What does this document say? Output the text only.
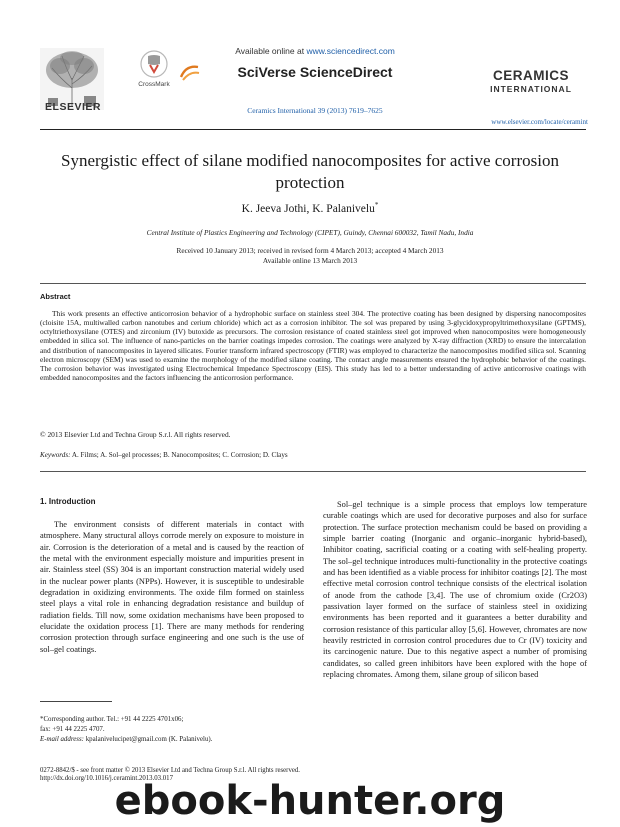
ELSEVIER
CrossMark
Available online at www.sciencedirect.com
SciVerse ScienceDirect
Ceramics International 39 (2013) 7619–7625
CERAMICS
INTERNATIONAL
www.elsevier.com/locate/ceramint
Synergistic effect of silane modified nanocomposites for active corrosion protection
K. Jeeva Jothi, K. Palanivelu*
Central Institute of Plastics Engineering and Technology (CIPET), Guindy, Chennai 600032, Tamil Nadu, India
Received 10 January 2013; received in revised form 4 March 2013; accepted 4 March 2013
Available online 13 March 2013
Abstract

This work presents an effective anticorrosion behavior of a hydrophobic surface on stainless steel 304. The protective coating has been designed by dispersing nanocomposites (cloisite 15A, multiwalled carbon nanotubes and cerium chloride) which act as a corrosion inhibitor. The sol was prepared by using 3-glycidoxypropyltrimethoxysilane (GPTMS), octyltriethoxysilane (OTES) and zirconium (IV) butoxide as precursors. The corrosion resistance of coated stainless steel got improved when nanocomposites were homogeneously embedded in silica sol. The influence of nano-particles on the barrier coatings impedes corrosion. The coatings were analyzed by X-ray diffraction (XRD) to ensure the intercalation and distribution of nanocomposites in layered silicates. Fourier transform infrared spectroscopy (FTIR) was employed to characterize the nanocomposites modified silica sol. Scanning electron microscopy (SEM) was used to examine the morphology of the modified silane coating. The contact angle measurements ensured the hydrophobic behavior of the coatings. The corrosion behavior was investigated using Electrochemical Impedance Spectroscopy (EIS). This study has led to a better understanding of active anticorrosive coatings with embedded nanocomposites and the factors influencing the anticorrosion performance.

© 2013 Elsevier Ltd and Techna Group S.r.l. All rights reserved.
Keywords: A. Films; A. Sol–gel processes; B. Nanocomposites; C. Corrosion; D. Clays
1. Introduction

The environment consists of different materials in contact with atmosphere. Many structural alloys corrode merely on exposure to moisture in air. Corrosion is the deterioration of a metal and is caused by the reaction of the metal with the environment especially moisture and impurities present in air. Stainless steel (SS) 304 is an important construction material widely used in the nuclear power plants (NPPs). However, it is susceptible to undesirable degradation in oxidizing environments. The oxide film formed on stainless steel plays a vital role in enhancing degradation resistance and buildup of radiation fields. Till now, some oxidation mechanisms have been proposed to elucidate the oxidation process [1]. There are many methods for rendering corrosion protection through surface engineering and one such is the use of sol–gel coatings.

Sol–gel technique is a simple process that employs low temperature curable coatings which are used for decorative purposes and also for surface protection. The surface protection mechanism could be based on providing a simple barrier coating (Inorganic and organic–inorganic hybrid-based), Inhibitor coating, sacrificial coating or a coating with self-healing property. The sol–gel technique introduces multi-functionality in the protective coatings and has been identified as a viable process for inhibitor coatings [2]. The most effective metal corrosion control technique consists of the electrical isolation of anode from the cathode [3,4]. The use of chromium oxide (Cr2O3) passivation layer formed on the surface of stainless steel in oxidizing environments has been reported and it guarantees a better durability and corrosion resistance of this particular alloy [5,6]. However, chromates are now heavily restricted in corrosion control procedures due to Cr (IV) toxicity and its carcinogenic nature. Due to this negative aspect a number of promising candidates, so called green inhibitors have been explored with the hope of replacing chromates. Among them, silane group of silicon based

*Corresponding author. Tel.: +91 44 2225 4701x06;
fax: +91 44 2225 4707.
E-mail address: kpalanivelucipet@gmail.com (K. Palanivelu).
0272-8842/$ - see front matter © 2013 Elsevier Ltd and Techna Group S.r.l. All rights reserved.
http://dx.doi.org/10.1016/j.ceramint.2013.03.017
ebook-hunter.org
